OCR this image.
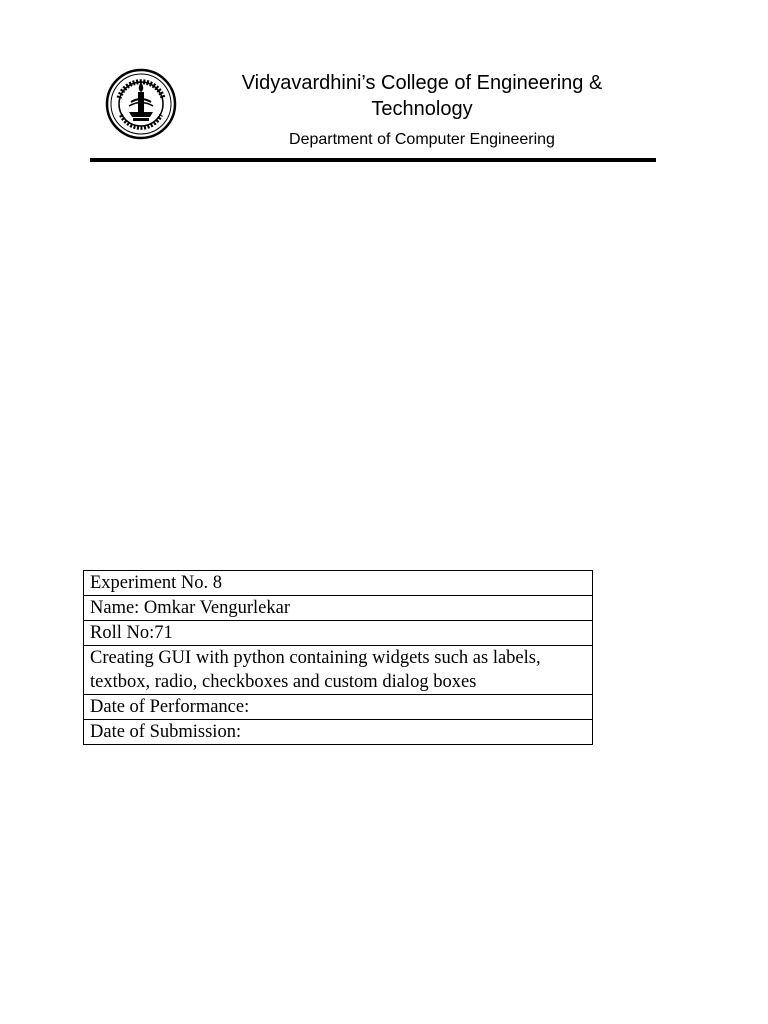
Vidyavardhini’s College of Engineering & Technology
Department of Computer Engineering
Experiment No. 8
Name: Omkar Vengurlekar
Roll No:71
Creating GUI with python containing widgets such as labels, textbox, radio, checkboxes and custom dialog boxes
Date of Performance:
Date of Submission:
